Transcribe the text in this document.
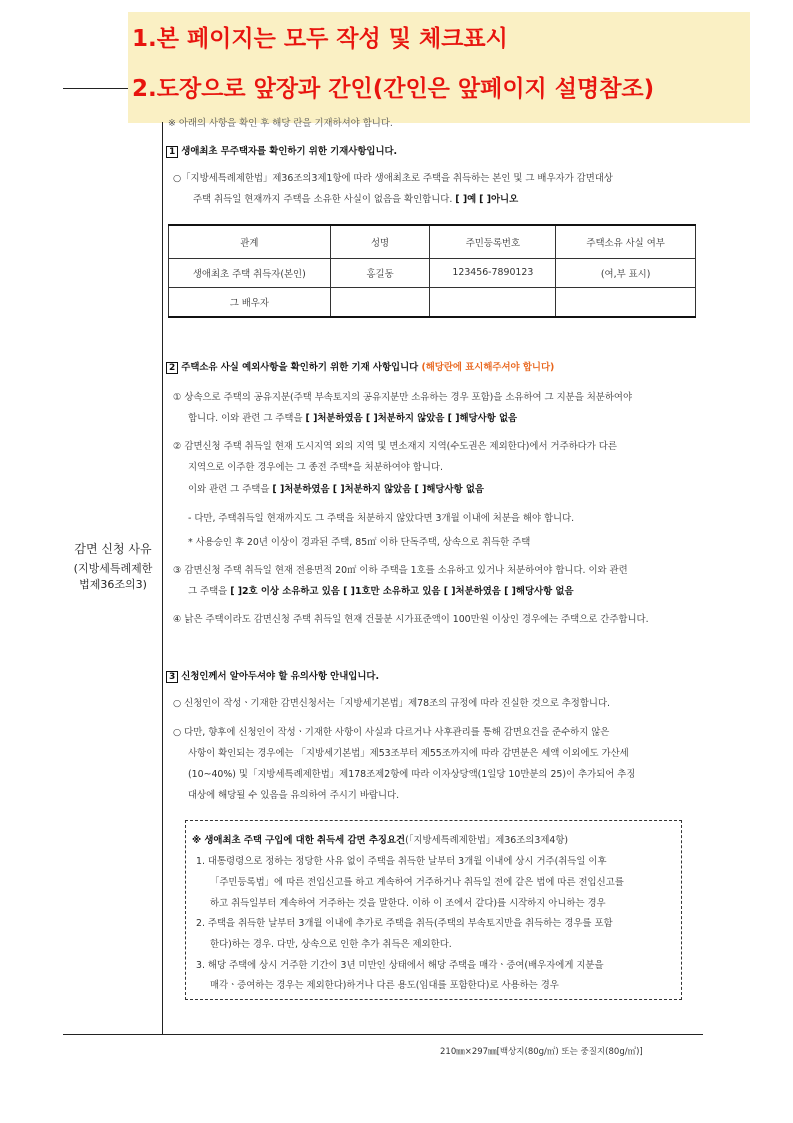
1.본 페이지는 모두 작성 및 체크표시
2.도장으로 앞장과 간인(간인은 앞페이지 설명참조)
※ 아래의 사항을 확인 후 해당 란을 기재하셔야 합니다.
감면 신청 사유
(지방세특례제한
법제36조의3)
1 생애최초 무주택자를 확인하기 위한 기재사항입니다.
○「지방세특례제한법」제36조의3제1항에 따라 생애최초로 주택을 취득하는 본인 및 그 배우자가 감면대상
주택 취득일 현재까지 주택을 소유한 사실이 없음을 확인합니다. [ ]예 [ ]아니오
관계	성명	주민등록번호	주택소유 사실 여부
생애최초 주택 취득자(본인)	홍길동	123456-7890123	(여,부 표시)
그 배우자			
2 주택소유 사실 예외사항을 확인하기 위한 기재 사항입니다 (해당란에 표시해주셔야 합니다)
① 상속으로 주택의 공유지분(주택 부속토지의 공유지분만 소유하는 경우 포함)을 소유하여 그 지분을 처분하여야
합니다. 이와 관련 그 주택을 [ ]처분하였음 [ ]처분하지 않았음 [ ]해당사항 없음
② 감면신청 주택 취득일 현재 도시지역 외의 지역 및 면소재지 지역(수도권은 제외한다)에서 거주하다가 다른
지역으로 이주한 경우에는 그 종전 주택*을 처분하여야 합니다.
이와 관련 그 주택을 [ ]처분하였음 [ ]처분하지 않았음 [ ]해당사항 없음
- 다만, 주택취득일 현재까지도 그 주택을 처분하지 않았다면 3개월 이내에 처분을 해야 합니다.
* 사용승인 후 20년 이상이 경과된 주택, 85㎡ 이하 단독주택, 상속으로 취득한 주택
③ 감면신청 주택 취득일 현재 전용면적 20㎡ 이하 주택을 1호를 소유하고 있거나 처분하여야 합니다. 이와 관련
그 주택을 [ ]2호 이상 소유하고 있음 [ ]1호만 소유하고 있음 [ ]처분하였음 [ ]해당사항 없음
④ 낡은 주택이라도 감면신청 주택 취득일 현재 건물분 시가표준액이 100만원 이상인 경우에는 주택으로 간주합니다.
3 신청인께서 알아두셔야 할 유의사항 안내입니다.
○ 신청인이 작성ㆍ기재한 감면신청서는「지방세기본법」제78조의 규정에 따라 진실한 것으로 추정합니다.
○ 다만, 향후에 신청인이 작성ㆍ기재한 사항이 사실과 다르거나 사후관리를 통해 감면요건을 준수하지 않은
사항이 확인되는 경우에는 「지방세기본법」제53조부터 제55조까지에 따라 감면분은 세액 이외에도 가산세
(10~40%) 및「지방세특례제한법」제178조제2항에 따라 이자상당액(1일당 10만분의 25)이 추가되어 추징
대상에 해당될 수 있음을 유의하여 주시기 바랍니다.
※ 생애최초 주택 구입에 대한 취득세 감면 추징요건(「지방세특례제한법」제36조의3제4항)
1. 대통령령으로 정하는 정당한 사유 없이 주택을 취득한 날부터 3개월 이내에 상시 거주(취득일 이후
「주민등록법」에 따른 전입신고를 하고 계속하여 거주하거나 취득일 전에 같은 법에 따른 전입신고를
하고 취득일부터 계속하여 거주하는 것을 말한다. 이하 이 조에서 같다)를 시작하지 아니하는 경우
2. 주택을 취득한 날부터 3개월 이내에 추가로 주택을 취득(주택의 부속토지만을 취득하는 경우를 포함
한다)하는 경우. 다만, 상속으로 인한 추가 취득은 제외한다.
3. 해당 주택에 상시 거주한 기간이 3년 미만인 상태에서 해당 주택을 매각ㆍ증여(배우자에게 지분을
매각ㆍ증여하는 경우는 제외한다)하거나 다른 용도(임대를 포함한다)로 사용하는 경우
210㎜×297㎜[백상지(80g/㎡) 또는 중질지(80g/㎡)]
